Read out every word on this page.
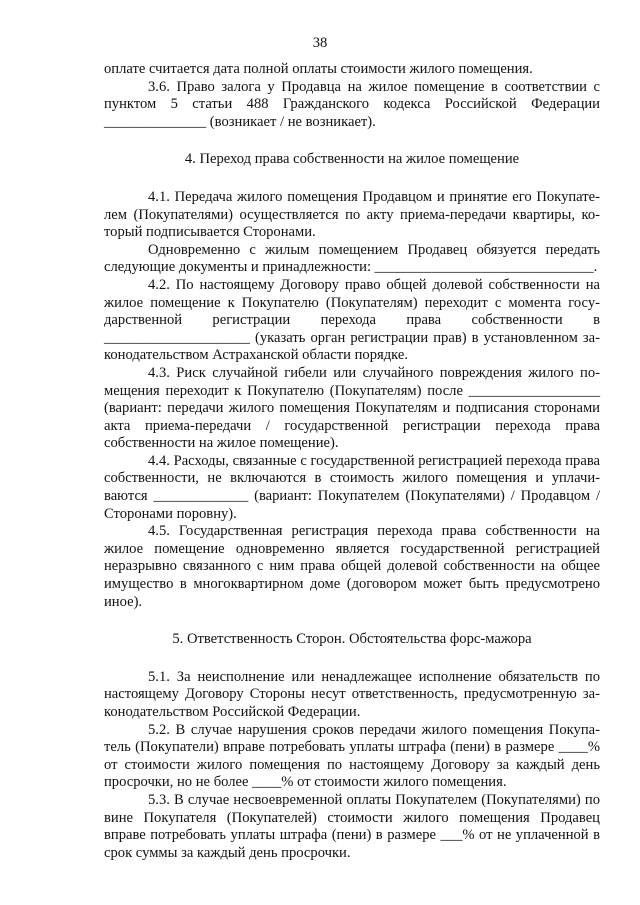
38

оплате считается дата полной оплаты стоимости жилого помещения.

3.6. Право залога у Продавца на жилое помещение в соответствии с пунктом 5 статьи 488 Гражданского кодекса Российской Федерации ______________ (возникает / не возникает).

4. Переход права собственности на жилое помещение

4.1. Передача жилого помещения Продавцом и принятие его Покупателем (Покупателями) осуществляется по акту приема-передачи квартиры, который подписывается Сторонами.

Одновременно с жилым помещением Продавец обязуется передать следующие документы и принадлежности: ______________________________.

4.2. По настоящему Договору право общей долевой собственности на жилое помещение к Покупателю (Покупателям) переходит с момента государственной регистрации перехода права собственности в ____________________ (указать орган регистрации прав) в установленном законодательством Астраханской области порядке.

4.3. Риск случайной гибели или случайного повреждения жилого помещения переходит к Покупателю (Покупателям) после __________________ (вариант: передачи жилого помещения Покупателям и подписания сторонами акта приема-передачи / государственной регистрации перехода права собственности на жилое помещение).

4.4. Расходы, связанные с государственной регистрацией перехода права собственности, не включаются в стоимость жилого помещения и уплачиваются _____________ (вариант: Покупателем (Покупателями) / Продавцом / Сторонами поровну).

4.5. Государственная регистрация перехода права собственности на жилое помещение одновременно является государственной регистрацией неразрывно связанного с ним права общей долевой собственности на общее имущество в многоквартирном доме (договором может быть предусмотрено иное).

5. Ответственность Сторон. Обстоятельства форс-мажора

5.1. За неисполнение или ненадлежащее исполнение обязательств по настоящему Договору Стороны несут ответственность, предусмотренную законодательством Российской Федерации.

5.2. В случае нарушения сроков передачи жилого помещения Покупатель (Покупатели) вправе потребовать уплаты штрафа (пени) в размере ____% от стоимости жилого помещения по настоящему Договору за каждый день просрочки, но не более ____% от стоимости жилого помещения.

5.3. В случае несвоевременной оплаты Покупателем (Покупателями) по вине Покупателя (Покупателей) стоимости жилого помещения Продавец вправе потребовать уплаты штрафа (пени) в размере ___% от не уплаченной в срок суммы за каждый день просрочки.
